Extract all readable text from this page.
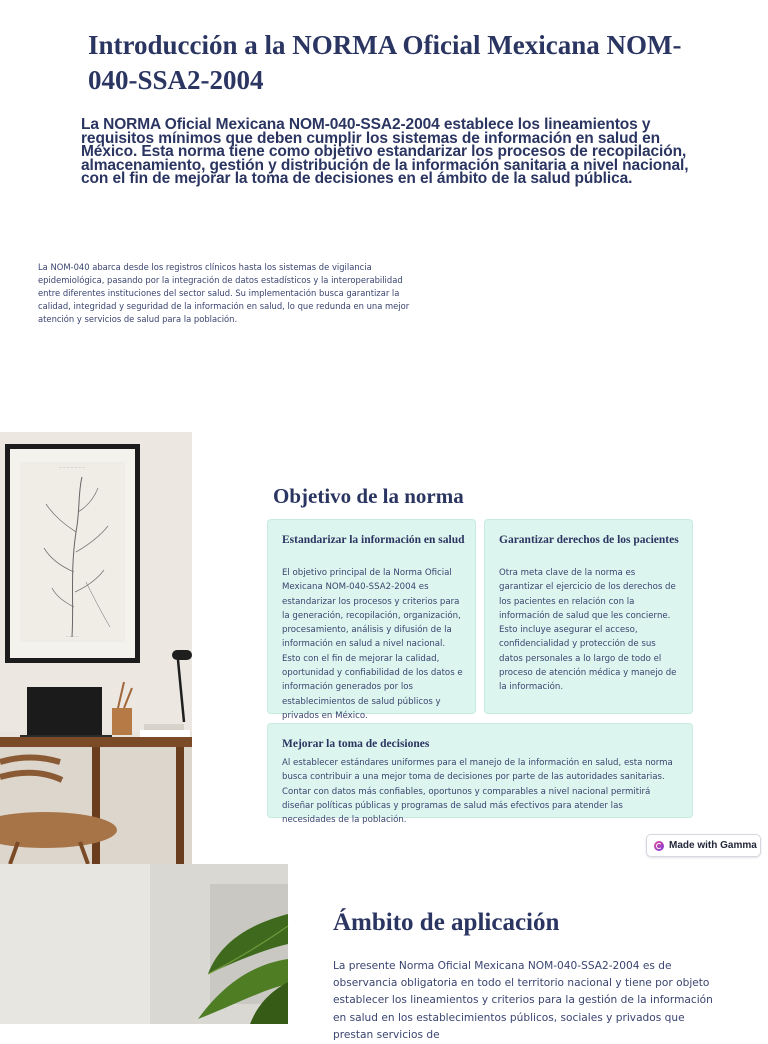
Introducción a la NORMA Oficial Mexicana NOM-040-SSA2-2004

La NORMA Oficial Mexicana NOM-040-SSA2-2004 establece los lineamientos y requisitos mínimos que deben cumplir los sistemas de información en salud en México. Esta norma tiene como objetivo estandarizar los procesos de recopilación, almacenamiento, gestión y distribución de la información sanitaria a nivel nacional, con el fin de mejorar la toma de decisiones en el ámbito de la salud pública.

La NOM-040 abarca desde los registros clínicos hasta los sistemas de vigilancia epidemiológica, pasando por la integración de datos estadísticos y la interoperabilidad entre diferentes instituciones del sector salud. Su implementación busca garantizar la calidad, integridad y seguridad de la información en salud, lo que redunda en una mejor atención y servicios de salud para la población.

— — — — — — —
— — — —
Objetivo de la norma
Estandarizar la información en salud

El objetivo principal de la Norma Oficial Mexicana NOM-040-SSA2-2004 es estandarizar los procesos y criterios para la generación, recopilación, organización, procesamiento, análisis y difusión de la información en salud a nivel nacional. Esto con el fin de mejorar la calidad, oportunidad y confiabilidad de los datos e información generados por los establecimientos de salud públicos y privados en México.

Garantizar derechos de los pacientes

Otra meta clave de la norma es garantizar el ejercicio de los derechos de los pacientes en relación con la información de salud que les concierne. Esto incluye asegurar el acceso, confidencialidad y protección de sus datos personales a lo largo de todo el proceso de atención médica y manejo de la información.

Mejorar la toma de decisiones

Al establecer estándares uniformes para el manejo de la información en salud, esta norma busca contribuir a una mejor toma de decisiones por parte de las autoridades sanitarias. Contar con datos más confiables, oportunos y comparables a nivel nacional permitirá diseñar políticas públicas y programas de salud más efectivos para atender las necesidades de la población.

Made with Gamma
Ámbito de aplicación

La presente Norma Oficial Mexicana NOM-040-SSA2-2004 es de observancia obligatoria en todo el territorio nacional y tiene por objeto establecer los lineamientos y criterios para la gestión de la información en salud en los establecimientos públicos, sociales y privados que prestan servicios de
